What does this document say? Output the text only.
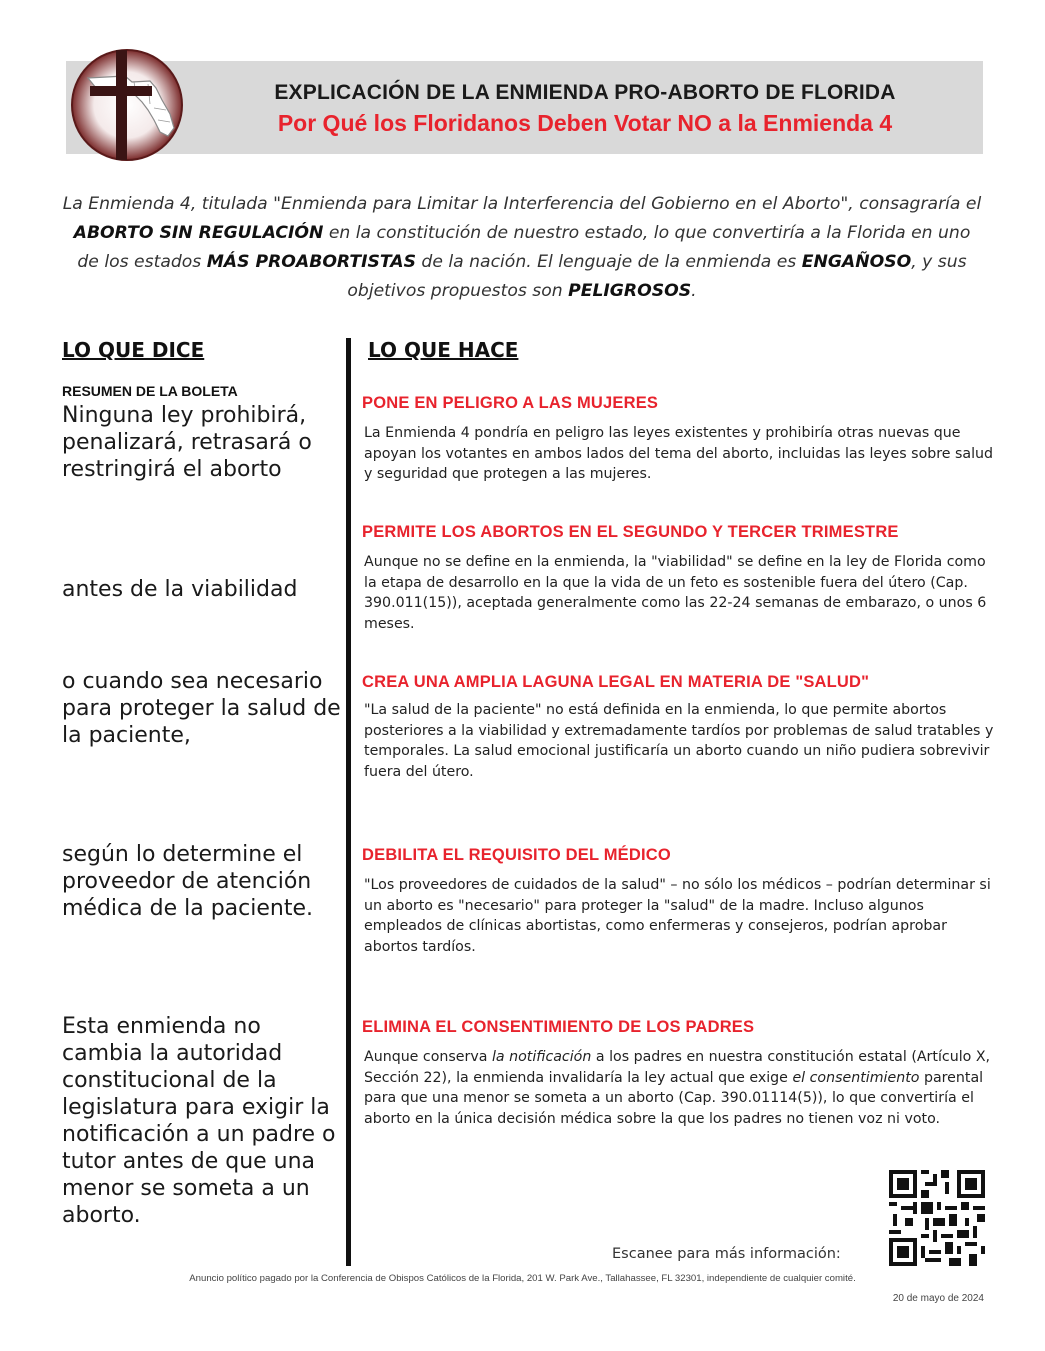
EXPLICACIÓN DE LA ENMIENDA PRO-ABORTO DE FLORIDA
Por Qué los Floridanos Deben Votar NO a la Enmienda 4
La Enmienda 4, titulada "Enmienda para Limitar la Interferencia del Gobierno en el Aborto", consagraría el ABORTO SIN REGULACIÓN en la constitución de nuestro estado, lo que convertiría a la Florida en uno de los estados MÁS PROABORTISTAS de la nación. El lenguaje de la enmienda es ENGAÑOSO, y sus objetivos propuestos son PELIGROSOS.
LO QUE DICE	LO QUE HACE
RESUMEN DE LA BOLETA
Ninguna ley prohibirá, penalizará, retrasará o restringirá el aborto
antes de la viabilidad
o cuando sea necesario para proteger la salud de la paciente,
según lo determine el proveedor de atención médica de la paciente.
Esta enmienda no cambia la autoridad constitucional de la legislatura para exigir la notificación a un padre o tutor antes de que una menor se someta a un aborto.
PONE EN PELIGRO A LAS MUJERES
La Enmienda 4 pondría en peligro las leyes existentes y prohibiría otras nuevas que apoyan los votantes en ambos lados del tema del aborto, incluidas las leyes sobre salud y seguridad que protegen a las mujeres.
PERMITE LOS ABORTOS EN EL SEGUNDO Y TERCER TRIMESTRE
Aunque no se define en la enmienda, la "viabilidad" se define en la ley de Florida como la etapa de desarrollo en la que la vida de un feto es sostenible fuera del útero (Cap. 390.011(15)), aceptada generalmente como las 22-24 semanas de embarazo, o unos 6 meses.
CREA UNA AMPLIA LAGUNA LEGAL EN MATERIA DE "SALUD"
"La salud de la paciente" no está definida en la enmienda, lo que permite abortos posteriores a la viabilidad y extremadamente tardíos por problemas de salud tratables y temporales. La salud emocional justificaría un aborto cuando un niño pudiera sobrevivir fuera del útero.
DEBILITA EL REQUISITO DEL MÉDICO
"Los proveedores de cuidados de la salud" – no sólo los médicos – podrían determinar si un aborto es "necesario" para proteger la "salud" de la madre. Incluso algunos empleados de clínicas abortistas, como enfermeras y consejeros, podrían aprobar abortos tardíos.
ELIMINA EL CONSENTIMIENTO DE LOS PADRES
Aunque conserva la notificación a los padres en nuestra constitución estatal (Artículo X, Sección 22), la enmienda invalidaría la ley actual que exige el consentimiento parental para que una menor se someta a un aborto (Cap. 390.01114(5)), lo que convertiría el aborto en la única decisión médica sobre la que los padres no tienen voz ni voto.
Escanee para más información:
Anuncio político pagado por la Conferencia de Obispos Católicos de la Florida, 201 W. Park Ave., Tallahassee, FL 32301, independiente de cualquier comité.
20 de mayo de 2024
